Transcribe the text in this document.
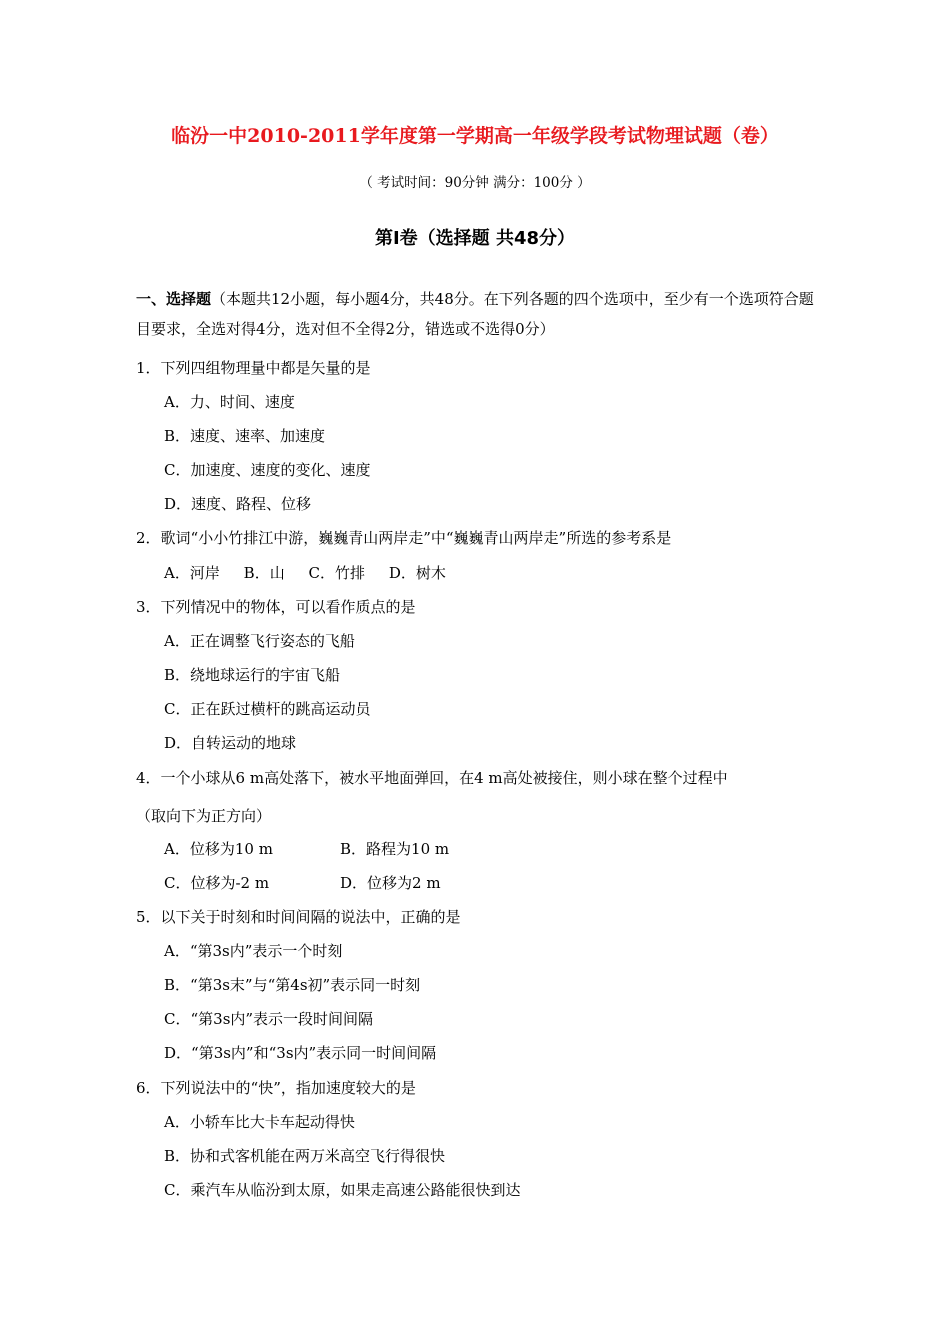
临汾一中2010-2011学年度第一学期高一年级学段考试物理试题（卷）
（ 考试时间：90分钟 满分：100分 ）
第Ⅰ卷（选择题 共48分）
一、选择题（本题共12小题，每小题4分，共48分。在下列各题的四个选项中，至少有一个选项符合题目要求，全选对得4分，选对但不全得2分，错选或不选得0分）
1．下列四组物理量中都是矢量的是
A．力、时间、速度
B．速度、速率、加速度
C．加速度、速度的变化、速度
D．速度、路程、位移
2．歌词“小小竹排江中游，巍巍青山两岸走”中“巍巍青山两岸走”所选的参考系是
A．河岸     B．山     C．竹排     D．树木
3．下列情况中的物体，可以看作质点的是
A．正在调整飞行姿态的飞船
B．绕地球运行的宇宙飞船
C．正在跃过横杆的跳高运动员
D．自转运动的地球
4．一个小球从6 m高处落下，被水平地面弹回，在4 m高处被接住，则小球在整个过程中
（取向下为正方向）
A．位移为10 m	B．路程为10 m
C．位移为-2 m	D．位移为2 m
5．以下关于时刻和时间间隔的说法中，正确的是
A．“第3s内”表示一个时刻
B．“第3s末”与“第4s初”表示同一时刻
C．“第3s内”表示一段时间间隔
D．“第3s内”和“3s内”表示同一时间间隔
6．下列说法中的“快”，指加速度较大的是
A．小轿车比大卡车起动得快
B．协和式客机能在两万米高空飞行得很快
C．乘汽车从临汾到太原，如果走高速公路能很快到达
